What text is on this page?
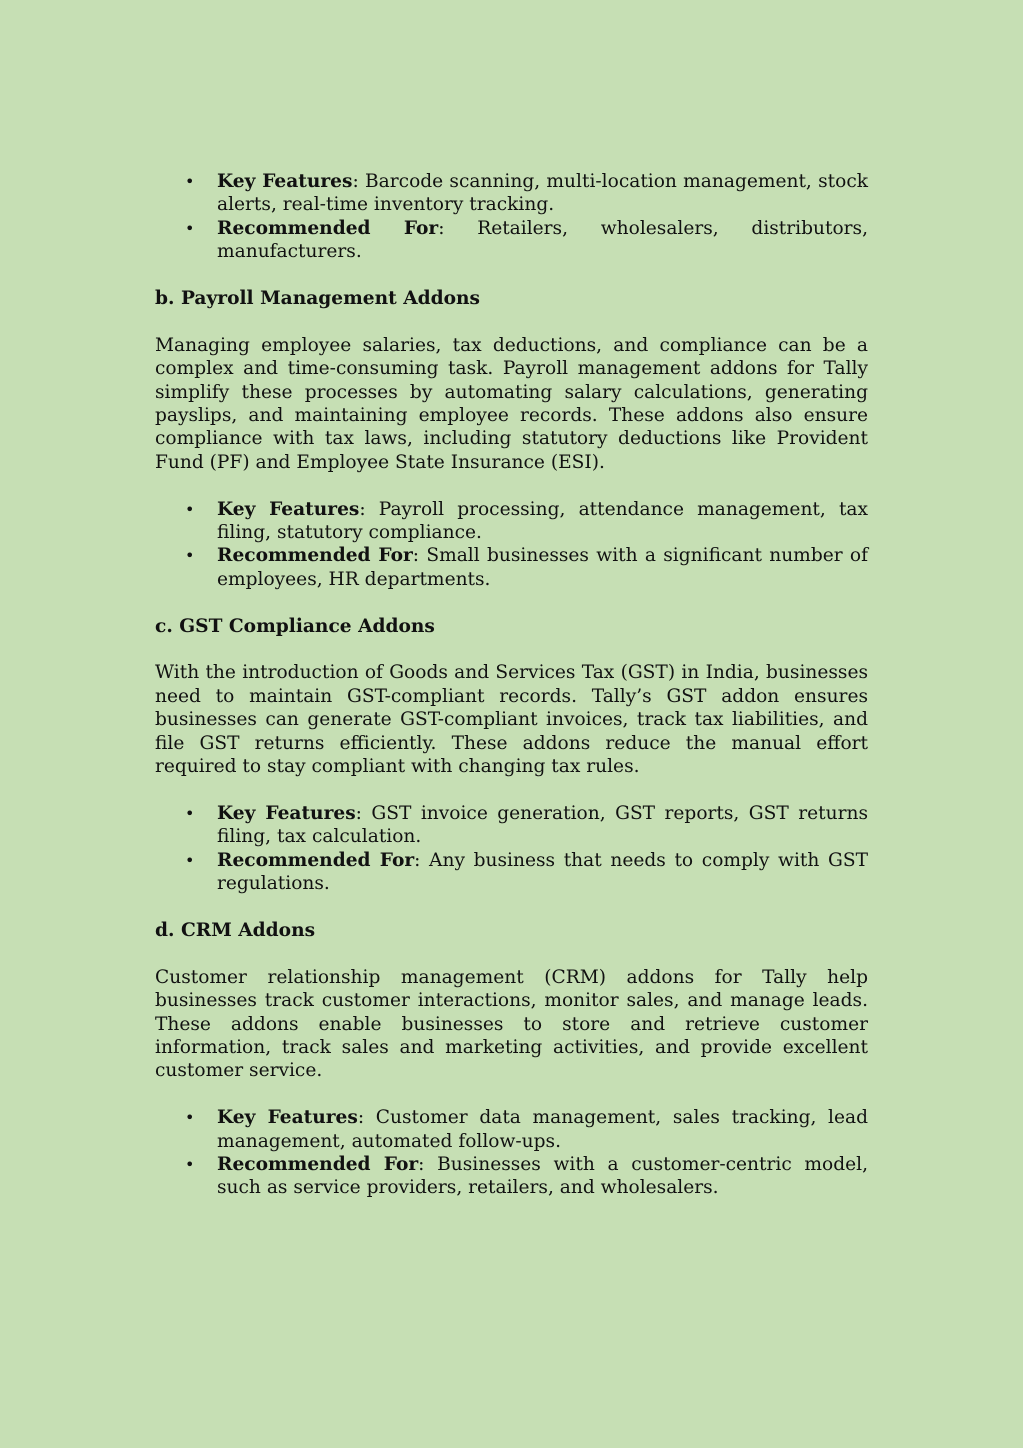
• Key Features: Barcode scanning, multi-location management, stock alerts, real-time inventory tracking.
• Recommended For: Retailers, wholesalers, distributors, manufacturers.
b. Payroll Management Addons

Managing employee salaries, tax deductions, and compliance can be a complex and time-consuming task. Payroll management addons for Tally simplify these processes by automating salary calculations, generating payslips, and maintaining employee records. These addons also ensure compliance with tax laws, including statutory deductions like Provident Fund (PF) and Employee State Insurance (ESI).

• Key Features: Payroll processing, attendance management, tax filing, statutory compliance.
• Recommended For: Small businesses with a significant number of employees, HR departments.
c. GST Compliance Addons

With the introduction of Goods and Services Tax (GST) in India, businesses need to maintain GST-compliant records. Tally’s GST addon ensures businesses can generate GST-compliant invoices, track tax liabilities, and file GST returns efficiently. These addons reduce the manual effort required to stay compliant with changing tax rules.

• Key Features: GST invoice generation, GST reports, GST returns filing, tax calculation.
• Recommended For: Any business that needs to comply with GST regulations.
d. CRM Addons

Customer relationship management (CRM) addons for Tally help businesses track customer interactions, monitor sales, and manage leads. These addons enable businesses to store and retrieve customer information, track sales and marketing activities, and provide excellent customer service.

• Key Features: Customer data management, sales tracking, lead management, automated follow-ups.
• Recommended For: Businesses with a customer-centric model, such as service providers, retailers, and wholesalers.
